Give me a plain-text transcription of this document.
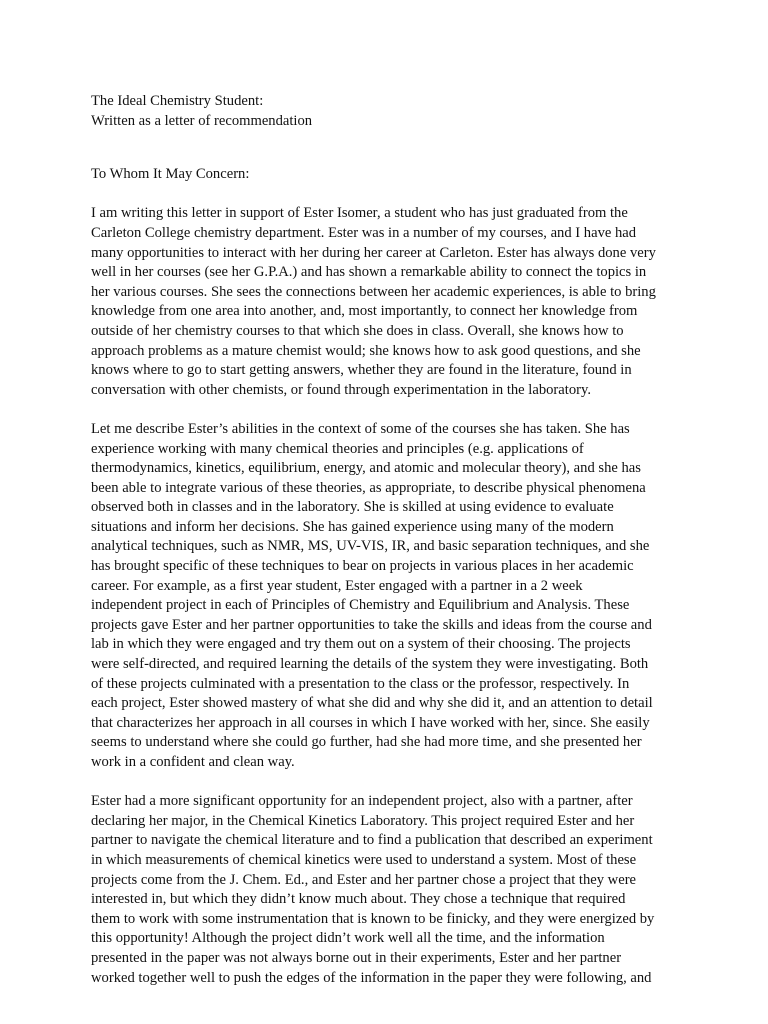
The Ideal Chemistry Student:
Written as a letter of recommendation
To Whom It May Concern:
I am writing this letter in support of Ester Isomer, a student who has just graduated from the
Carleton College chemistry department. Ester was in a number of my courses, and I have had
many opportunities to interact with her during her career at Carleton. Ester has always done very
well in her courses (see her G.P.A.) and has shown a remarkable ability to connect the topics in
her various courses. She sees the connections between her academic experiences, is able to bring
knowledge from one area into another, and, most importantly, to connect her knowledge from
outside of her chemistry courses to that which she does in class. Overall, she knows how to
approach problems as a mature chemist would; she knows how to ask good questions, and she
knows where to go to start getting answers, whether they are found in the literature, found in
conversation with other chemists, or found through experimentation in the laboratory.
Let me describe Ester’s abilities in the context of some of the courses she has taken. She has
experience working with many chemical theories and principles (e.g. applications of
thermodynamics, kinetics, equilibrium, energy, and atomic and molecular theory), and she has
been able to integrate various of these theories, as appropriate, to describe physical phenomena
observed both in classes and in the laboratory. She is skilled at using evidence to evaluate
situations and inform her decisions. She has gained experience using many of the modern
analytical techniques, such as NMR, MS, UV-VIS, IR, and basic separation techniques, and she
has brought specific of these techniques to bear on projects in various places in her academic
career. For example, as a first year student, Ester engaged with a partner in a 2 week
independent project in each of Principles of Chemistry and Equilibrium and Analysis. These
projects gave Ester and her partner opportunities to take the skills and ideas from the course and
lab in which they were engaged and try them out on a system of their choosing. The projects
were self-directed, and required learning the details of the system they were investigating. Both
of these projects culminated with a presentation to the class or the professor, respectively. In
each project, Ester showed mastery of what she did and why she did it, and an attention to detail
that characterizes her approach in all courses in which I have worked with her, since. She easily
seems to understand where she could go further, had she had more time, and she presented her
work in a confident and clean way.
Ester had a more significant opportunity for an independent project, also with a partner, after
declaring her major, in the Chemical Kinetics Laboratory. This project required Ester and her
partner to navigate the chemical literature and to find a publication that described an experiment
in which measurements of chemical kinetics were used to understand a system. Most of these
projects come from the J. Chem. Ed., and Ester and her partner chose a project that they were
interested in, but which they didn’t know much about. They chose a technique that required
them to work with some instrumentation that is known to be finicky, and they were energized by
this opportunity! Although the project didn’t work well all the time, and the information
presented in the paper was not always borne out in their experiments, Ester and her partner
worked together well to push the edges of the information in the paper they were following, and
